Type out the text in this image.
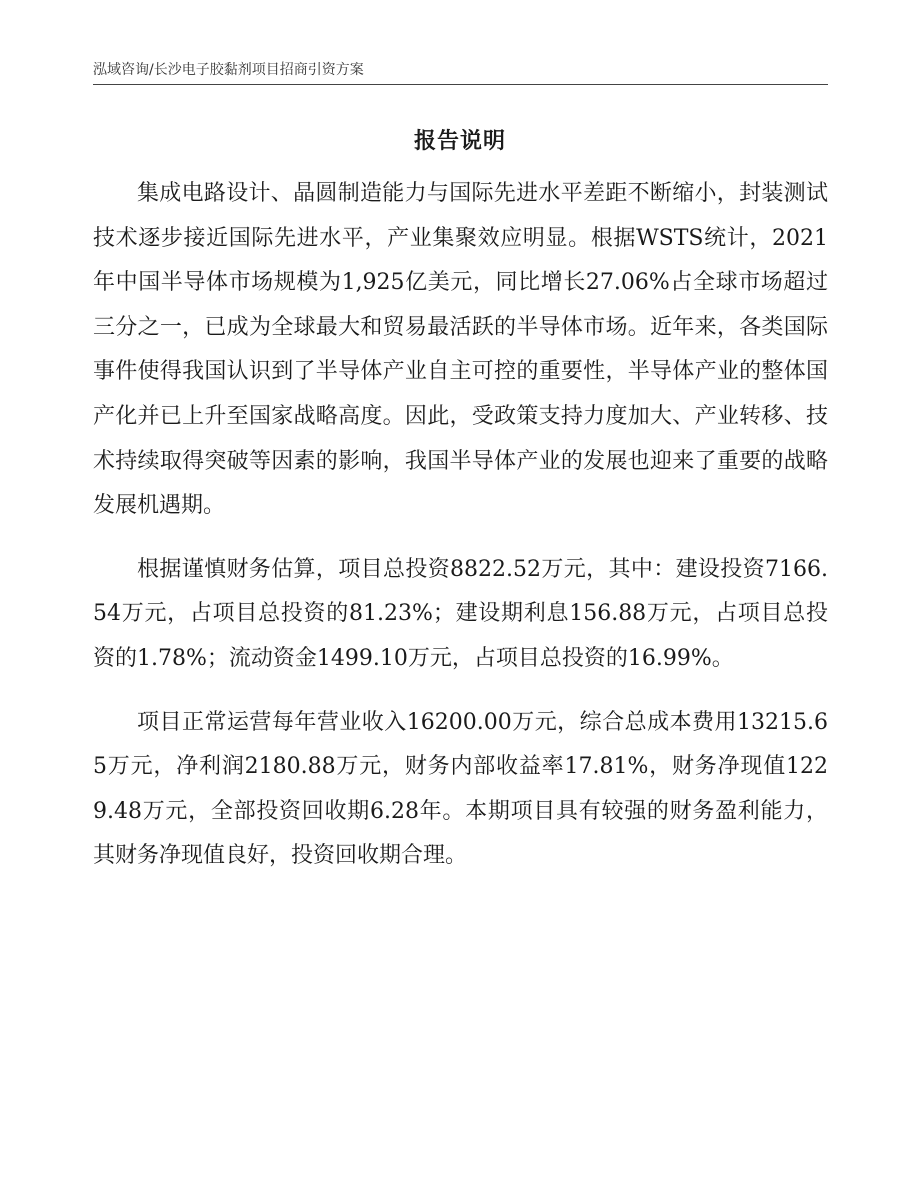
泓域咨询/长沙电子胶黏剂项目招商引资方案
报告说明

集成电路设计、晶圆制造能力与国际先进水平差距不断缩小，封装测试技术逐步接近国际先进水平，产业集聚效应明显。根据WSTS统计，2021年中国半导体市场规模为1,925亿美元，同比增长27.06%占全球市场超过三分之一，已成为全球最大和贸易最活跃的半导体市场。近年来，各类国际事件使得我国认识到了半导体产业自主可控的重要性，半导体产业的整体国产化并已上升至国家战略高度。因此，受政策支持力度加大、产业转移、技术持续取得突破等因素的影响，我国半导体产业的发展也迎来了重要的战略发展机遇期。

根据谨慎财务估算，项目总投资8822.52万元，其中：建设投资7166.54万元，占项目总投资的81.23%；建设期利息156.88万元，占项目总投资的1.78%；流动资金1499.10万元，占项目总投资的16.99%。

项目正常运营每年营业收入16200.00万元，综合总成本费用13215.65万元，净利润2180.88万元，财务内部收益率17.81%，财务净现值1229.48万元，全部投资回收期6.28年。本期项目具有较强的财务盈利能力，其财务净现值良好，投资回收期合理。
